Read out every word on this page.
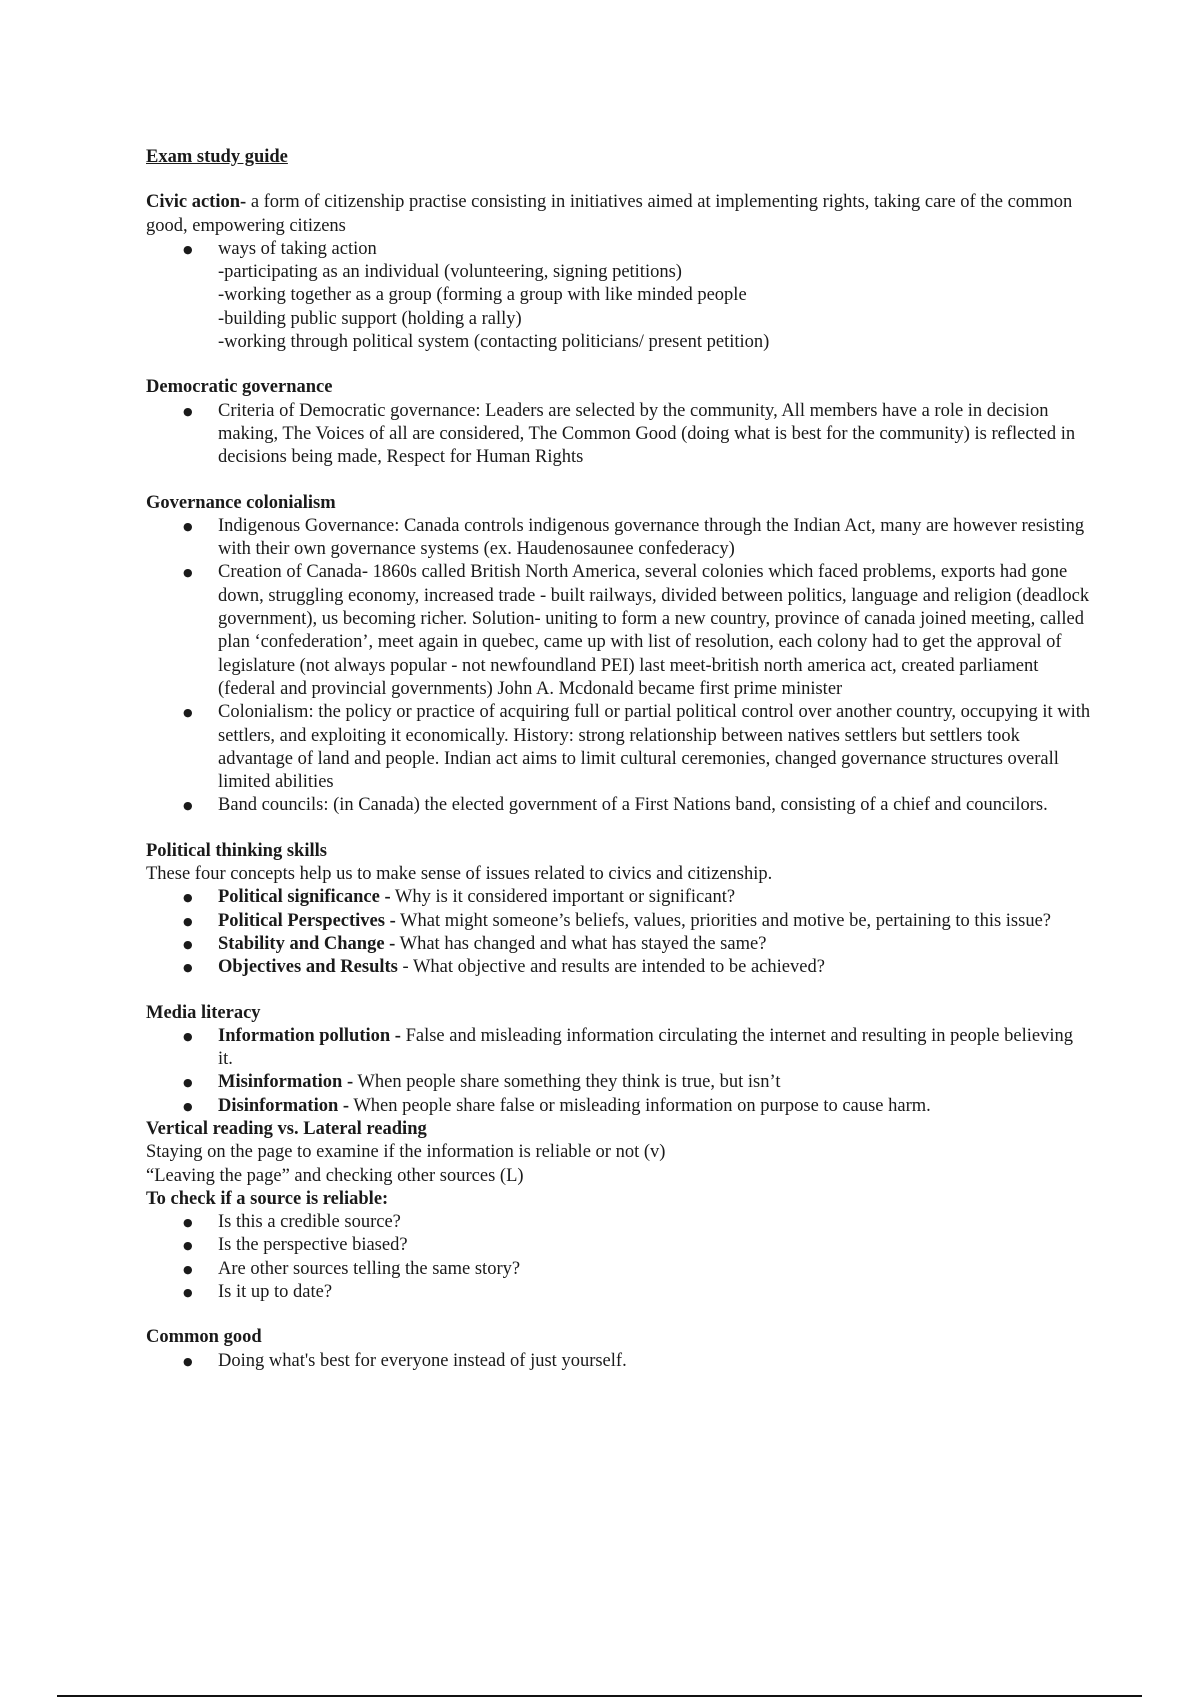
Exam study guide
Civic action- a form of citizenship practise consisting in initiatives aimed at implementing rights, taking care of the common good, empowering citizens
● ways of taking action
-participating as an individual (volunteering, signing petitions)
-working together as a group (forming a group with like minded people
-building public support (holding a rally)
-working through political system (contacting politicians/ present petition)
Democratic governance
● Criteria of Democratic governance: Leaders are selected by the community, All members have a role in decision making, The Voices of all are considered, The Common Good (doing what is best for the community) is reflected in decisions being made, Respect for Human Rights
Governance colonialism
● Indigenous Governance: Canada controls indigenous governance through the Indian Act, many are however resisting with their own governance systems (ex. Haudenosaunee confederacy)
● Creation of Canada- 1860s called British North America, several colonies which faced problems, exports had gone down, struggling economy, increased trade - built railways, divided between politics, language and religion (deadlock government), us becoming richer. Solution- uniting to form a new country, province of canada joined meeting, called plan ‘confederation’, meet again in quebec, came up with list of resolution, each colony had to get the approval of legislature (not always popular - not newfoundland PEI) last meet-british north america act, created parliament (federal and provincial governments) John A. Mcdonald became first prime minister
● Colonialism: the policy or practice of acquiring full or partial political control over another country, occupying it with settlers, and exploiting it economically. History: strong relationship between natives settlers but settlers took advantage of land and people. Indian act aims to limit cultural ceremonies, changed governance structures overall limited abilities
● Band councils: (in Canada) the elected government of a First Nations band, consisting of a chief and councilors.
Political thinking skills
These four concepts help us to make sense of issues related to civics and citizenship.
● Political significance - Why is it considered important or significant?
● Political Perspectives - What might someone’s beliefs, values, priorities and motive be, pertaining to this issue?
● Stability and Change - What has changed and what has stayed the same?
● Objectives and Results - What objective and results are intended to be achieved?
Media literacy
● Information pollution - False and misleading information circulating the internet and resulting in people believing it.
● Misinformation - When people share something they think is true, but isn’t
● Disinformation - When people share false or misleading information on purpose to cause harm.
Vertical reading vs. Lateral reading
Staying on the page to examine if the information is reliable or not (v)
“Leaving the page” and checking other sources (L)
To check if a source is reliable:
● Is this a credible source?
● Is the perspective biased?
● Are other sources telling the same story?
● Is it up to date?
Common good
● Doing what's best for everyone instead of just yourself.
